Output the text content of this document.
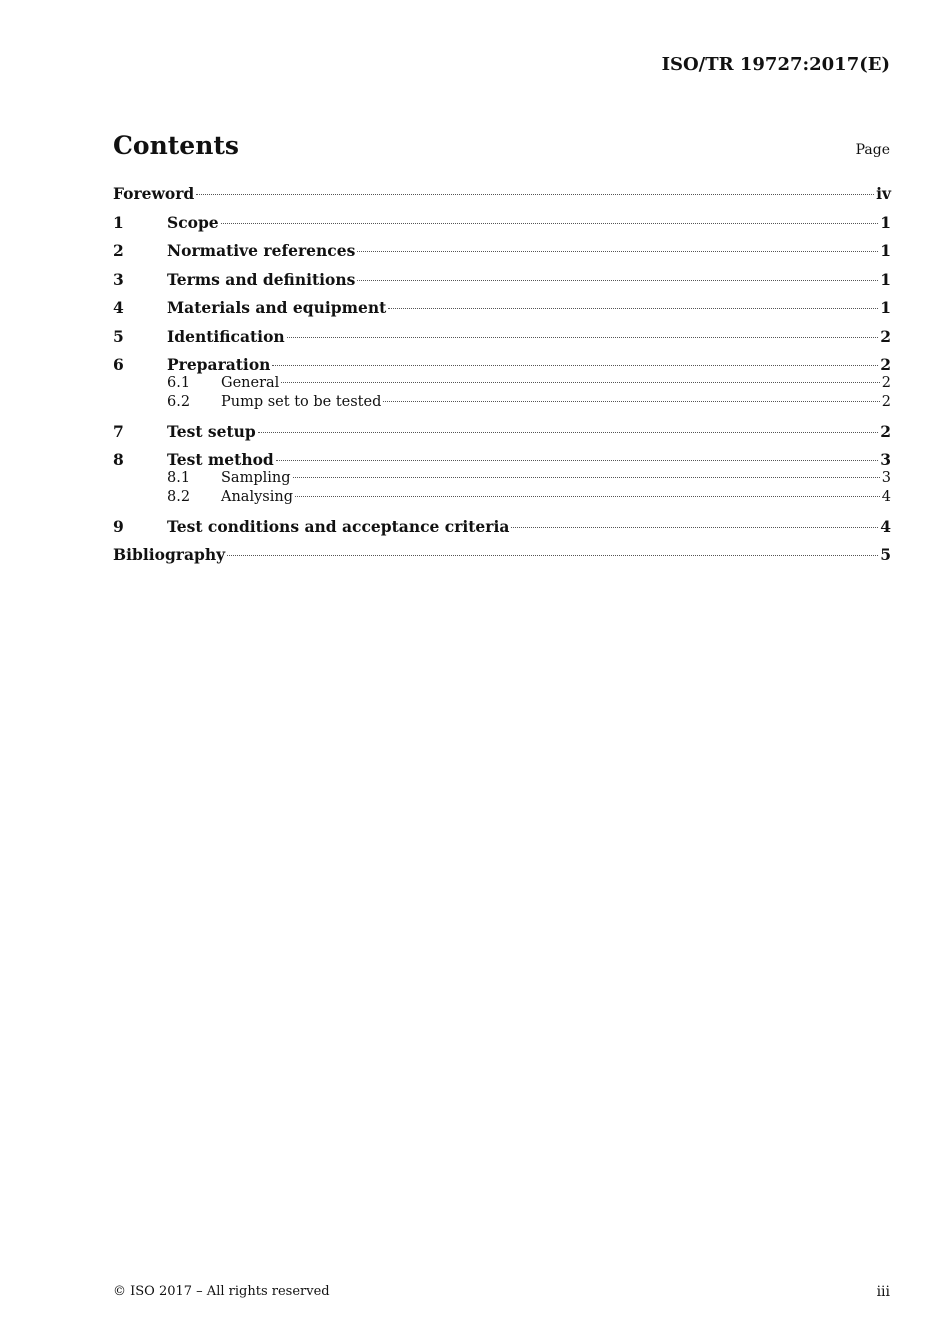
ISO/TR 19727:2017(E)
Contents	Page
Foreword	iv
1	Scope	1
2	Normative references	1
3	Terms and definitions	1
4	Materials and equipment	1
5	Identification	2
6	Preparation	2
6.1	General	2
6.2	Pump set to be tested	2
7	Test setup	2
8	Test method	3
8.1	Sampling	3
8.2	Analysing	4
9	Test conditions and acceptance criteria	4
Bibliography	5
© ISO 2017 – All rights reserved	iii
